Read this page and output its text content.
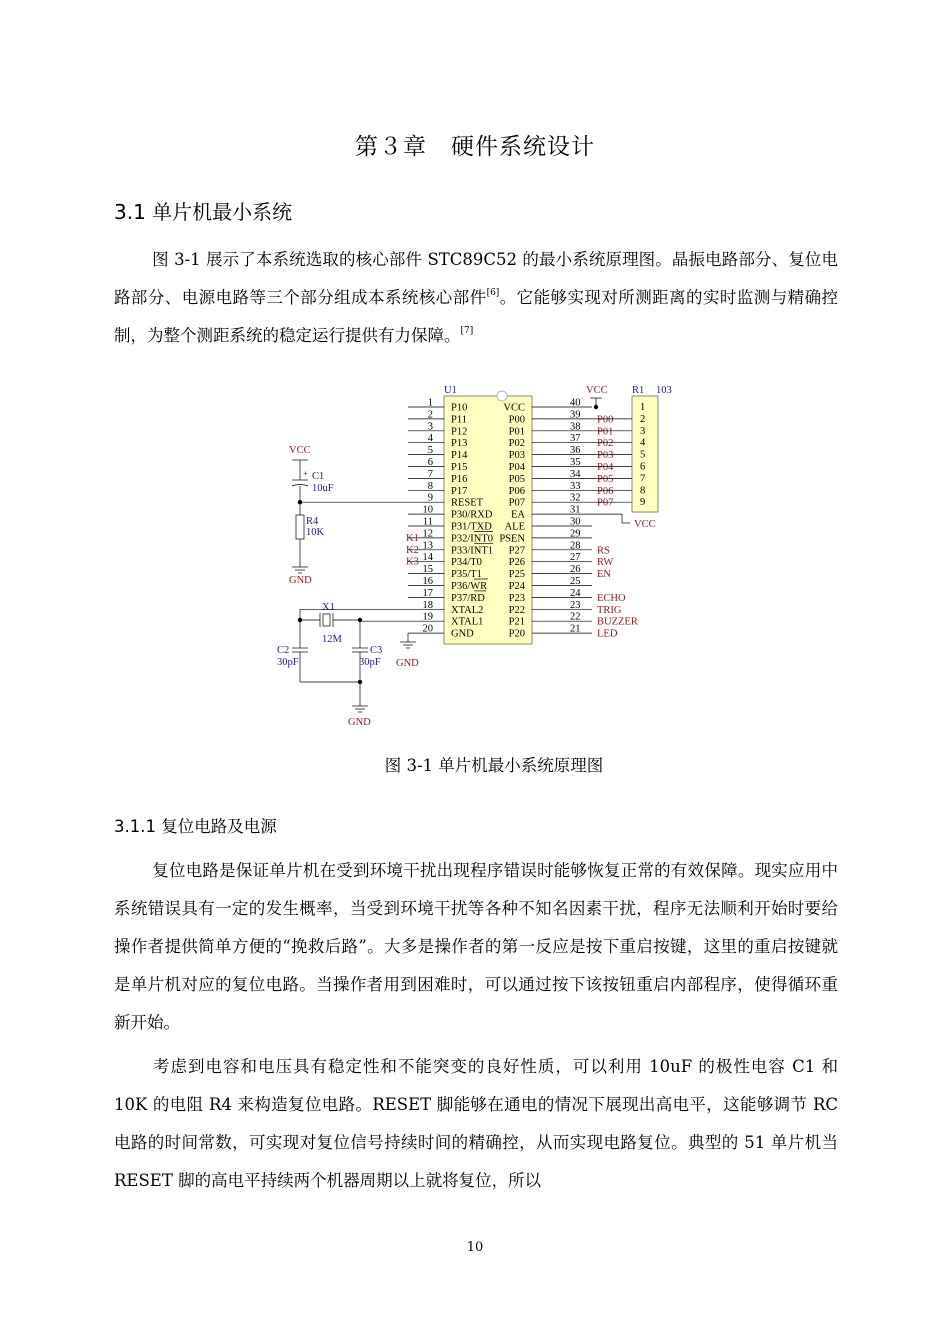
第３章　硬件系统设计
3.1 单片机最小系统

图 3-1 展示了本系统选取的核心部件 STC89C52 的最小系统原理图。晶振电路部分、复位电路部分、电源电路等三个部分组成本系统核心部件[6]。它能够实现对所测距离的实时监测与精确控制，为整个测距系统的稳定运行提供有力保障。[7]

U1
1 P10
2 P11
3 P12
4 P13
5 P14
6 P15
7 P16
8 P17
9 RESET
10 P30/RXD
11 P31/TXD
12 P32/INT0
13 P33/INT1
14 P34/T0
15 P35/T1
16 P36/WR
17 P37/RD
18 XTAL2
19 XTAL1
20 GND
K1
K2
K3
40
VCC
39
P00	P00
38
P01	P01
37
P02	P02
36
P03	P03
35
P04	P04
34
P05	P05
33
P06	P06
32
P07	P07
31
EA
30
ALE
29
PSEN
28
P27	RS
27
P26	RW
26
P25	EN
25
P24
24
P23	ECHO
23
P22	TRIG
22
P21	BUZZER
21
P20	LED
VCC R1 103
1
2
3
4
5
6
7
8
9
VCC
VCC
+ C1
10uF
R4
10K
GND
X1
12M
C2
30pF
C3
30pF
GND
GND
图 3-1 单片机最小系统原理图
3.1.1 复位电路及电源

复位电路是保证单片机在受到环境干扰出现程序错误时能够恢复正常的有效保障。现实应用中系统错误具有一定的发生概率，当受到环境干扰等各种不知名因素干扰，程序无法顺利开始时要给操作者提供简单方便的“挽救后路”。大多是操作者的第一反应是按下重启按键，这里的重启按键就是单片机对应的复位电路。当操作者用到困难时，可以通过按下该按钮重启内部程序，使得循环重新开始。

考虑到电容和电压具有稳定性和不能突变的良好性质，可以利用 10uF 的极性电容 C1 和 10K 的电阻 R4 来构造复位电路。RESET 脚能够在通电的情况下展现出高电平，这能够调节 RC 电路的时间常数，可实现对复位信号持续时间的精确控，从而实现电路复位。典型的 51 单片机当 RESET 脚的高电平持续两个机器周期以上就将复位，所以

10
